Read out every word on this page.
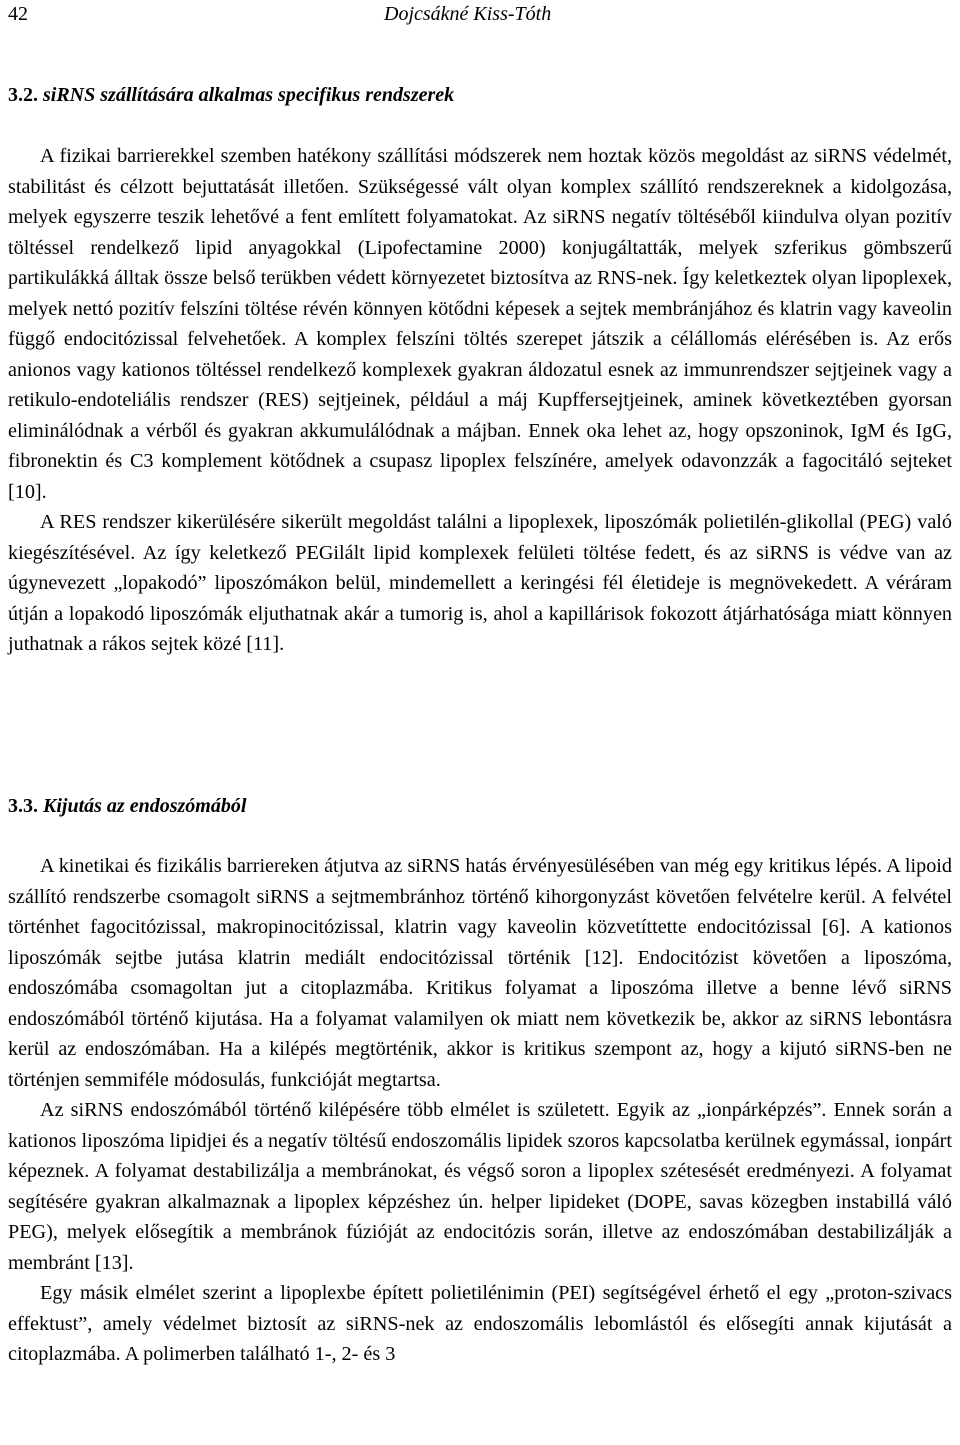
42	Dojcsákné Kiss-Tóth
3.2. siRNS szállítására alkalmas specifikus rendszerek

A fizikai barrierekkel szemben hatékony szállítási módszerek nem hoztak közös megoldást az siRNS védelmét, stabilitást és célzott bejuttatását illetően. Szükségessé vált olyan komplex szállító rendszereknek a kidolgozása, melyek egyszerre teszik lehetővé a fent említett folyamatokat. Az siRNS negatív töltéséből kiindulva olyan pozitív töltéssel rendelkező lipid anyagokkal (Lipofectamine 2000) konjugáltatták, melyek szferikus gömbszerű partikulákká álltak össze belső terükben védett környezetet biztosítva az RNS-nek. Így keletkeztek olyan lipoplexek, melyek nettó pozitív felszíni töltése révén könnyen kötődni képesek a sejtek membránjához és klatrin vagy kaveolin függő endocitózissal felvehetőek. A komplex felszíni töltés szerepet játszik a célállomás elérésében is. Az erős anionos vagy kationos töltéssel rendelkező komplexek gyakran áldozatul esnek az immunrendszer sejtjeinek vagy a retikulo-endoteliális rendszer (RES) sejtjeinek, például a máj Kupffersejtjeinek, aminek következtében gyorsan eliminálódnak a vérből és gyakran akkumulálódnak a májban. Ennek oka lehet az, hogy opszoninok, IgM és IgG, fibronektin és C3 komplement kötődnek a csupasz lipoplex felszínére, amelyek odavonzzák a fagocitáló sejteket [10].

A RES rendszer kikerülésére sikerült megoldást találni a lipoplexek, liposzómák polietilén-glikollal (PEG) való kiegészítésével. Az így keletkező PEGilált lipid komplexek felületi töltése fedett, és az siRNS is védve van az úgynevezett „lopakodó” liposzómákon belül, mindemellett a keringési fél életideje is megnövekedett. A véráram útján a lopakodó liposzómák eljuthatnak akár a tumorig is, ahol a kapillárisok fokozott átjárhatósága miatt könnyen juthatnak a rákos sejtek közé [11].

3.3. Kijutás az endoszómából

A kinetikai és fizikális barriereken átjutva az siRNS hatás érvényesülésében van még egy kritikus lépés. A lipoid szállító rendszerbe csomagolt siRNS a sejtmembránhoz történő kihorgonyzást követően felvételre kerül. A felvétel történhet fagocitózissal, makropinocitózissal, klatrin vagy kaveolin közvetíttette endocitózissal [6]. A kationos liposzómák sejtbe jutása klatrin mediált endocitózissal történik [12]. Endocitózist követően a liposzóma, endoszómába csomagoltan jut a citoplazmába. Kritikus folyamat a liposzóma illetve a benne lévő siRNS endoszómából történő kijutása. Ha a folyamat valamilyen ok miatt nem következik be, akkor az siRNS lebontásra kerül az endoszómában. Ha a kilépés megtörténik, akkor is kritikus szempont az, hogy a kijutó siRNS-ben ne történjen semmiféle módosulás, funkcióját megtartsa.

Az siRNS endoszómából történő kilépésére több elmélet is született. Egyik az „ionpárképzés”. Ennek során a kationos liposzóma lipidjei és a negatív töltésű endoszomális lipidek szoros kapcsolatba kerülnek egymással, ionpárt képeznek. A folyamat destabilizálja a membránokat, és végső soron a lipoplex szétesését eredményezi. A folyamat segítésére gyakran alkalmaznak a lipoplex képzéshez ún. helper lipideket (DOPE, savas közegben instabillá váló PEG), melyek elősegítik a membránok fúzióját az endocitózis során, illetve az endoszómában destabilizálják a membránt [13].

Egy másik elmélet szerint a lipoplexbe épített polietilénimin (PEI) segítségével érhető el egy „proton-szivacs effektust”, amely védelmet biztosít az siRNS-nek az endoszomális lebomlástól és elősegíti annak kijutását a citoplazmába. A polimerben található 1-, 2- és 3
